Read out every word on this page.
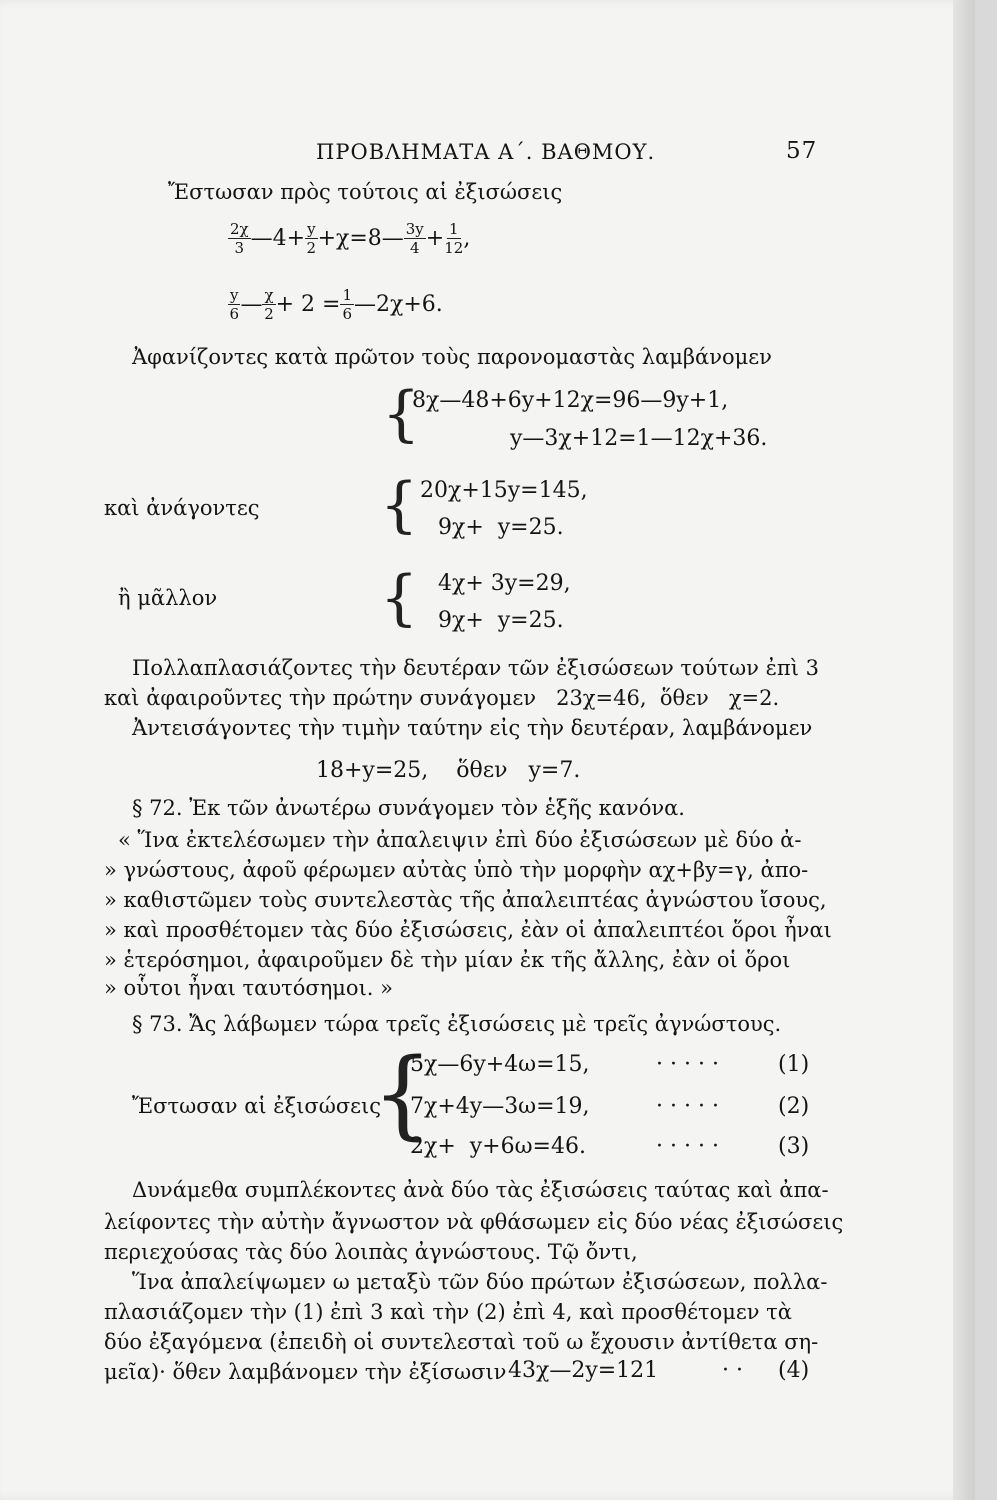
ΠΡΟΒΛΗΜΑΤΑ Α΄. ΒΑΘΜΟΥ.	57
Ἔστωσαν πρὸς τούτοις αἱ ἐξισώσεις
$\frac{2\chi}{3}$ —4+ $\frac{y}{2}$ +χ=8— $\frac{3y}{4} + \frac{1}{12}$ ,
$\frac{y}{6}$ — $\frac{\chi}{2} + 2 = \frac{1}{6}$ —2χ+6.
Ἀφανίζοντες κατὰ πρῶτον τοὺς παρονομαστὰς λαμβάνομεν
{
8χ—48+6y+12χ=96—9y+1,
y—3χ+12=1—12χ+36.
καὶ ἀνάγοντες { 20χ+15y=145,
9χ+  y=25.
ἢ μᾶλλον	{ 4χ+ 3y=29,
9χ+  y=25.
Πολλαπλασιάζοντες τὴν δευτέραν τῶν ἐξισώσεων τούτων ἐπὶ 3
καὶ ἀφαιροῦντες τὴν πρώτην συνάγομεν   23χ=46,  ὅθεν   χ=2.
Ἀντεισάγοντες τὴν τιμὴν ταύτην εἰς τὴν δευτέραν, λαμβάνομεν
18+y=25,    ὅθεν   y=7.
§ 72. Ἐκ τῶν ἀνωτέρω συνάγομεν τὸν ἑξῆς κανόνα.
« Ἵνα ἐκτελέσωμεν τὴν ἀπαλειψιν ἐπὶ δύο ἐξισώσεων μὲ δύο ἀ-
» γνώστους, ἀφοῦ φέρωμεν αὐτὰς ὑπὸ τὴν μορφὴν αχ+βy=γ, ἀπο-
» καθιστῶμεν τοὺς συντελεστὰς τῆς ἀπαλειπτέας ἀγνώστου ἴσους,
» καὶ προσθέτομεν τὰς δύο ἐξισώσεις, ἐὰν οἱ ἀπαλειπτέοι ὅροι ἦναι
» ἑτερόσημοι, ἀφαιροῦμεν δὲ τὴν μίαν ἐκ τῆς ἄλλης, ἐὰν οἱ ὅροι
» οὗτοι ἦναι ταυτόσημοι. »
§ 73. Ἄς λάβωμεν τώρα τρεῖς ἐξισώσεις μὲ τρεῖς ἀγνώστους.
Ἔστωσαν αἱ ἐξισώσεις
{
5χ—6y+4ω=15,	· · · · ·	(1)
7χ+4y—3ω=19,	· · · · ·	(2)
2χ+  y+6ω=46.	· · · · ·	(3)
Δυνάμεθα συμπλέκοντες ἀνὰ δύο τὰς ἐξισώσεις ταύτας καὶ ἀπα-
λείφοντες τὴν αὐτὴν ἄγνωστον νὰ φθάσωμεν εἰς δύο νέας ἐξισώσεις
περιεχούσας τὰς δύο λοιπὰς ἀγνώστους. Τῷ ὄντι,
Ἵνα ἀπαλείψωμεν ω μεταξὺ τῶν δύο πρώτων ἐξισώσεων, πολλα-
πλασιάζομεν τὴν (1) ἐπὶ 3 καὶ τὴν (2) ἐπὶ 4, καὶ προσθέτομεν τὰ
δύο ἐξαγόμενα (ἐπειδὴ οἱ συντελεσταὶ τοῦ ω ἔχουσιν ἀντίθετα ση-
μεῖα)· ὅθεν λαμβάνομεν τὴν ἐξίσωσιν 43χ—2y=121	· · (4)
